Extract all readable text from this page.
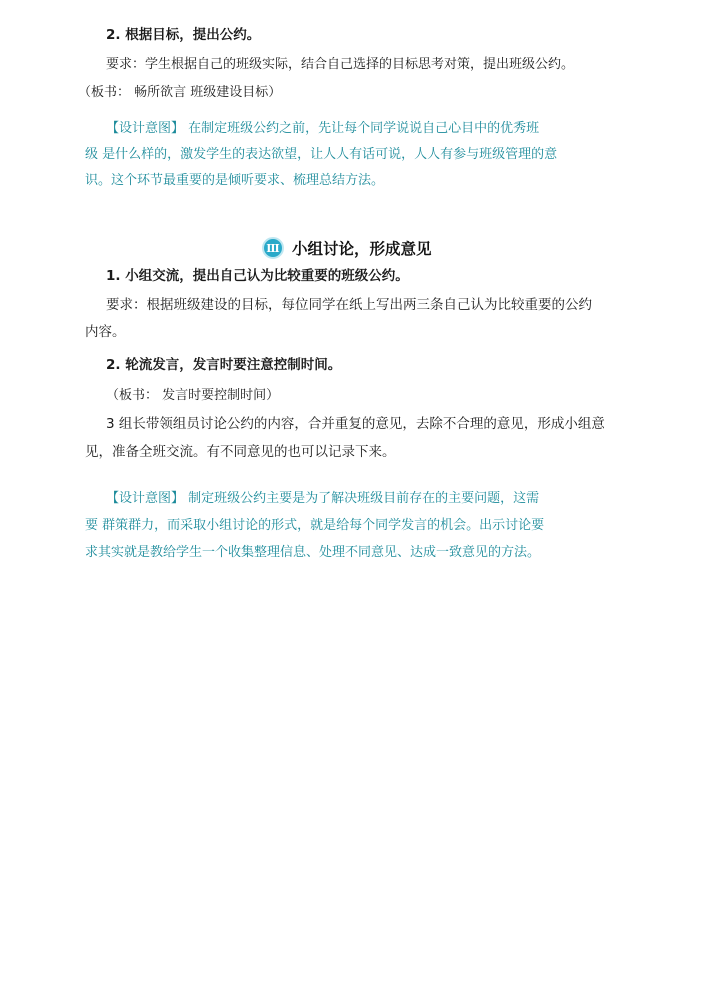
2. 根据目标，提出公约。
要求：学生根据自己的班级实际，结合自己选择的目标思考对策，提出班级公约。
（板书： 畅所欲言 班级建设目标）
【设计意图】 在制定班级公约之前，先让每个同学说说自己心目中的优秀班
级 是什么样的，激发学生的表达欲望，让人人有话可说，人人有参与班级管理的意
识。这个环节最重要的是倾听要求、梳理总结方法。
Ⅲ 小组讨论，形成意见
1. 小组交流，提出自己认为比较重要的班级公约。
要求：根据班级建设的目标，每位同学在纸上写出两三条自己认为比较重要的公约
内容。
2. 轮流发言，发言时要注意控制时间。
（板书： 发言时要控制时间）
3 组长带领组员讨论公约的内容，合并重复的意见，去除不合理的意见，形成小组意
见，准备全班交流。有不同意见的也可以记录下来。
【设计意图】 制定班级公约主要是为了解决班级目前存在的主要问题，这需
要 群策群力，而采取小组讨论的形式，就是给每个同学发言的机会。出示讨论要
求其实就是教给学生一个收集整理信息、处理不同意见、达成一致意见的方法。
